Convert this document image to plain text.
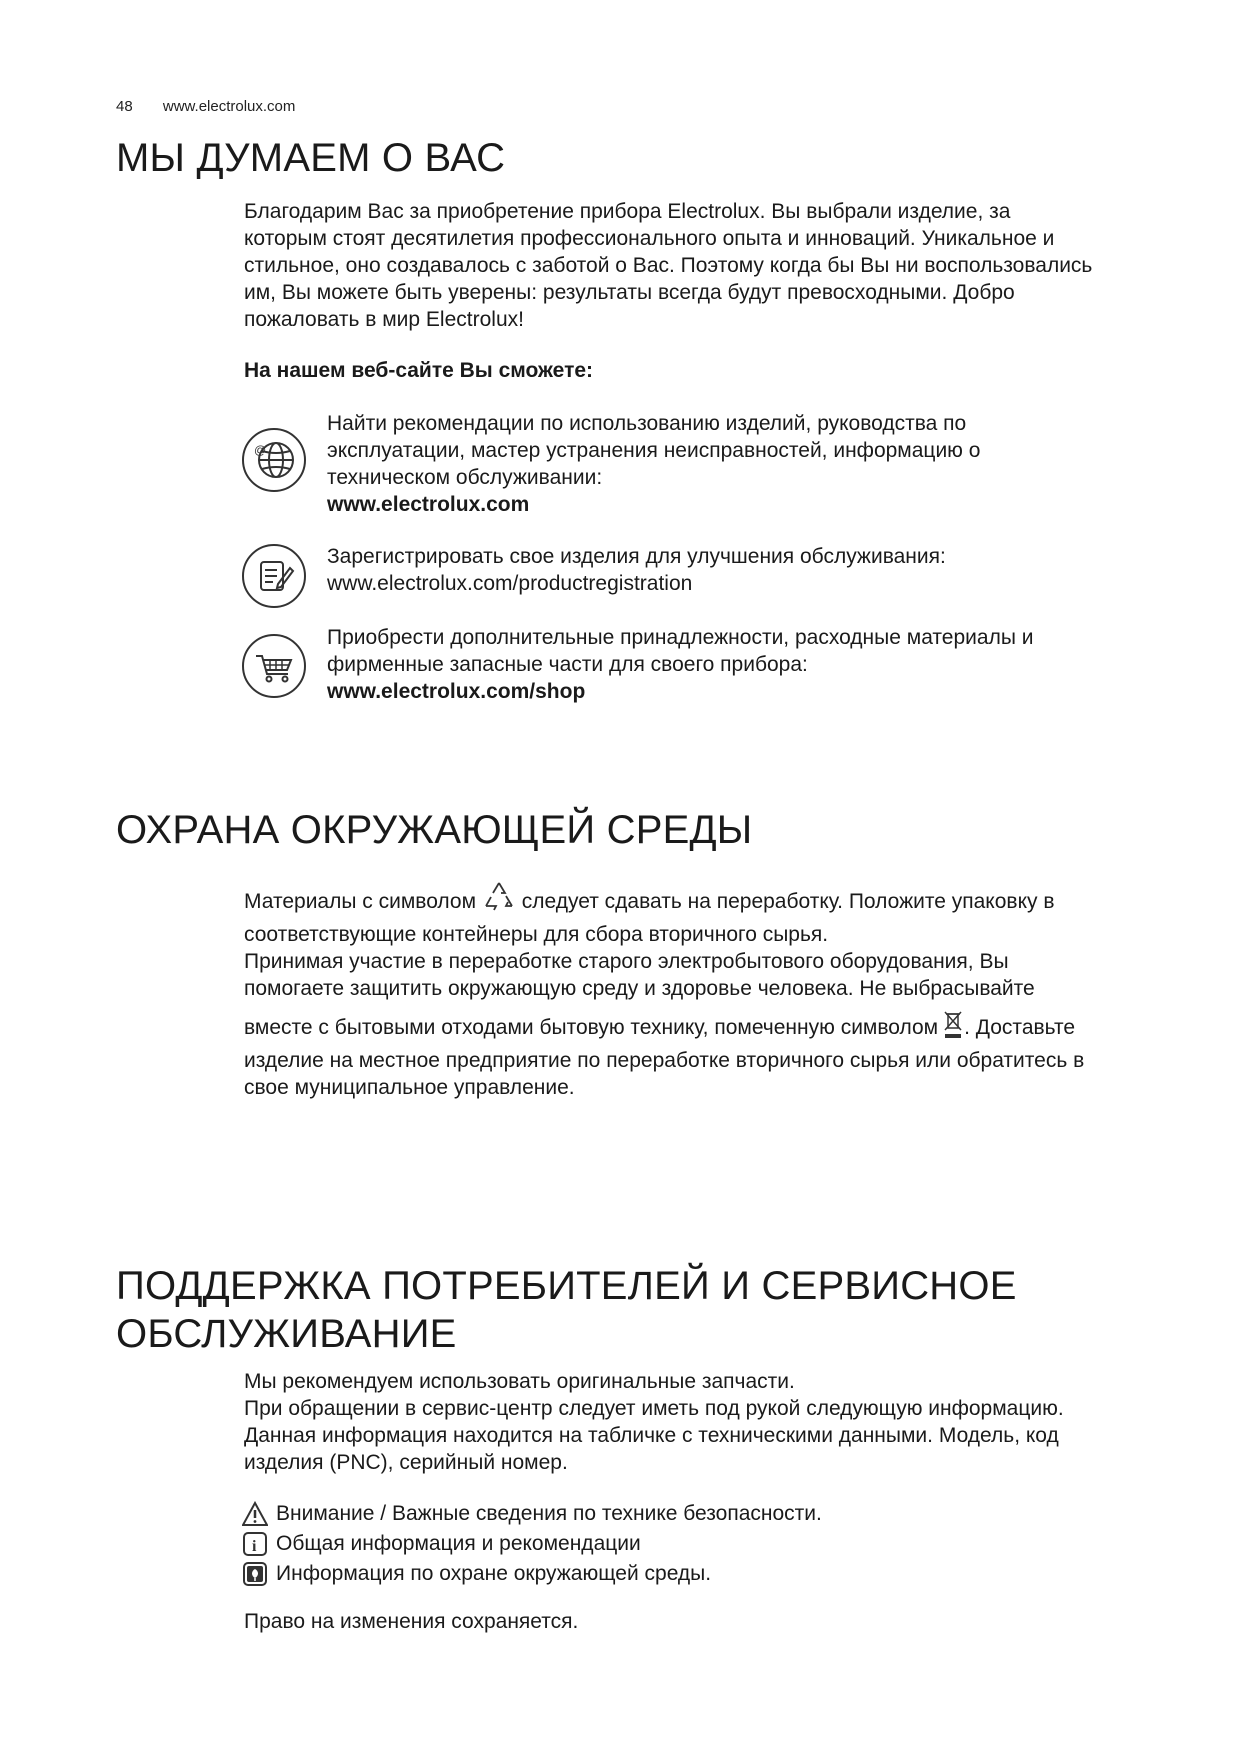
48 www.electrolux.com
МЫ ДУМАЕМ О ВАС

Благодарим Вас за приобретение прибора Electrolux. Вы выбрали изделие, за

которым стоят десятилетия профессионального опыта и инноваций. Уникальное и

стильное, оно создавалось с заботой о Вас. Поэтому когда бы Вы ни воспользовались

им, Вы можете быть уверены: результаты всегда будут превосходными. Добро

пожаловать в мир Electrolux!

На нашем веб-сайте Вы сможете:
@

Найти рекомендации по использованию изделий, руководства по

эксплуатации, мастер устранения неисправностей, информацию о

техническом обслуживании:

www.electrolux.com

Зарегистрировать свое изделия для улучшения обслуживания:

www.electrolux.com/productregistration

Приобрести дополнительные принадлежности, расходные материалы и

фирменные запасные части для своего прибора:

www.electrolux.com/shop

ОХРАНА ОКРУЖАЮЩЕЙ СРЕДЫ

Материалы с символом следует сдавать на переработку. Положите упаковку в

соответствующие контейнеры для сбора вторичного сырья.

Принимая участие в переработке старого электробытового оборудования, Вы

помогаете защитить окружающую среду и здоровье человека. Не выбрасывайте

вместе с бытовыми отходами бытовую технику, помеченную символом . Доставьте

изделие на местное предприятие по переработке вторичного сырья или обратитесь в

свое муниципальное управление.

ПОДДЕРЖКА ПОТРЕБИТЕЛЕЙ И СЕРВИСНОЕ
ОБСЛУЖИВАНИЕ

Мы рекомендуем использовать оригинальные запчасти.

При обращении в сервис-центр следует иметь под рукой следующую информацию.

Данная информация находится на табличке с техническими данными. Модель, код

изделия (PNC), серийный номер.

Внимание / Важные сведения по технике безопасности.
i Общая информация и рекомендации
Информация по охране окружающей среды.
Право на изменения сохраняется.
